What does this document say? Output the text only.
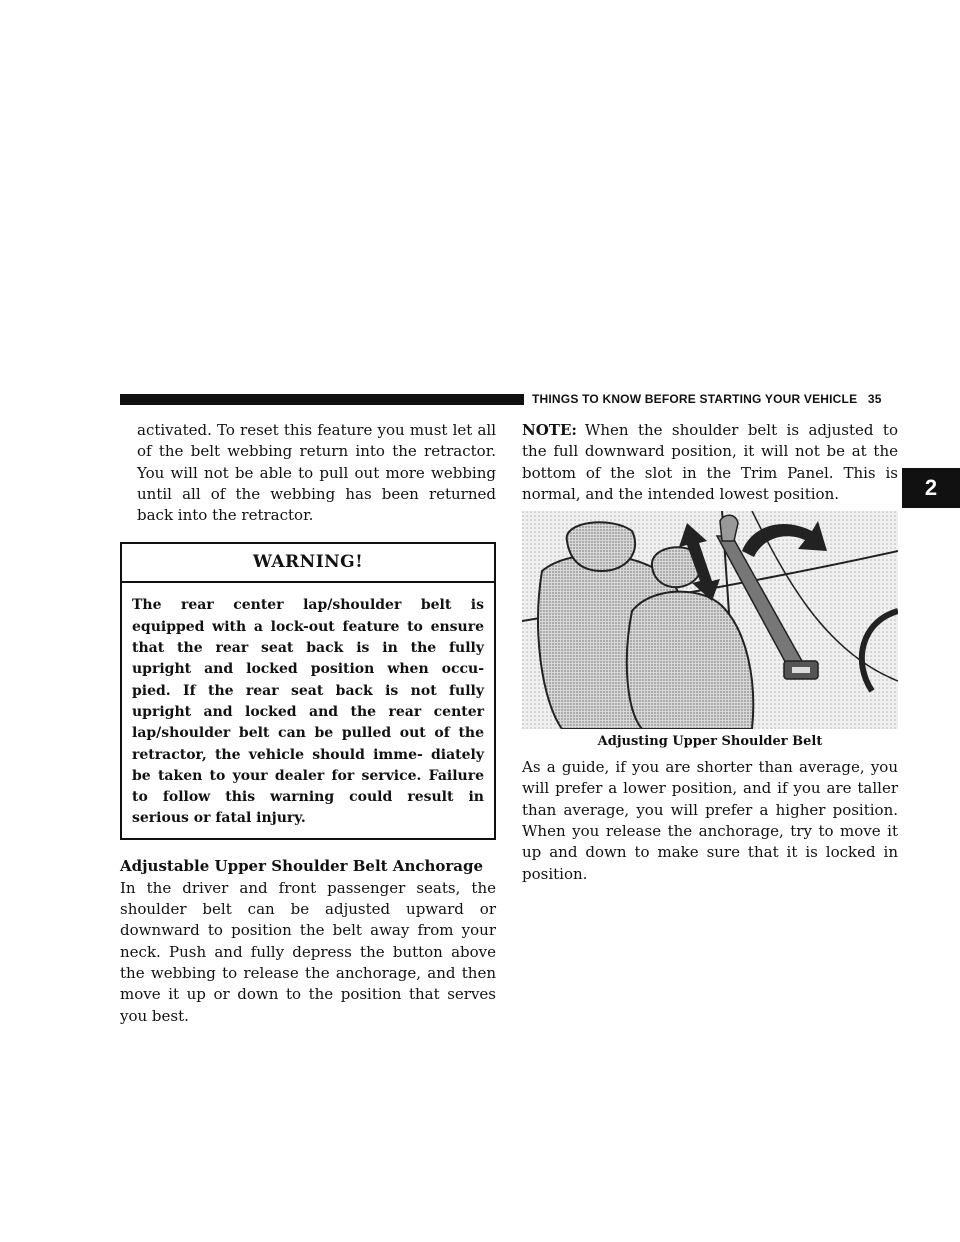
THINGS TO KNOW BEFORE STARTING YOUR VEHICLE 35
2

activated. To reset this feature you must let all of the belt webbing return into the retractor. You will not be able to pull out more webbing until all of the webbing has been returned back into the retractor.

WARNING!
The rear center lap/shoulder belt is equipped with a lock-out feature to ensure that the rear seat back is in the fully upright and locked position when occu- pied. If the rear seat back is not fully upright and locked and the rear center lap/shoulder belt can be pulled out of the retractor, the vehicle should imme- diately be taken to your dealer for service. Failure to follow this warning could result in serious or fatal injury.
Adjustable Upper Shoulder Belt Anchorage

In the driver and front passenger seats, the shoulder belt can be adjusted upward or downward to position the belt away from your neck. Push and fully depress the button above the webbing to release the anchorage, and then move it up or down to the position that serves you best.

NOTE: When the shoulder belt is adjusted to the full downward position, it will not be at the bottom of the slot in the Trim Panel. This is normal, and the intended lowest position.

Adjusting Upper Shoulder Belt

As a guide, if you are shorter than average, you will prefer a lower position, and if you are taller than average, you will prefer a higher position. When you release the anchorage, try to move it up and down to make sure that it is locked in position.
